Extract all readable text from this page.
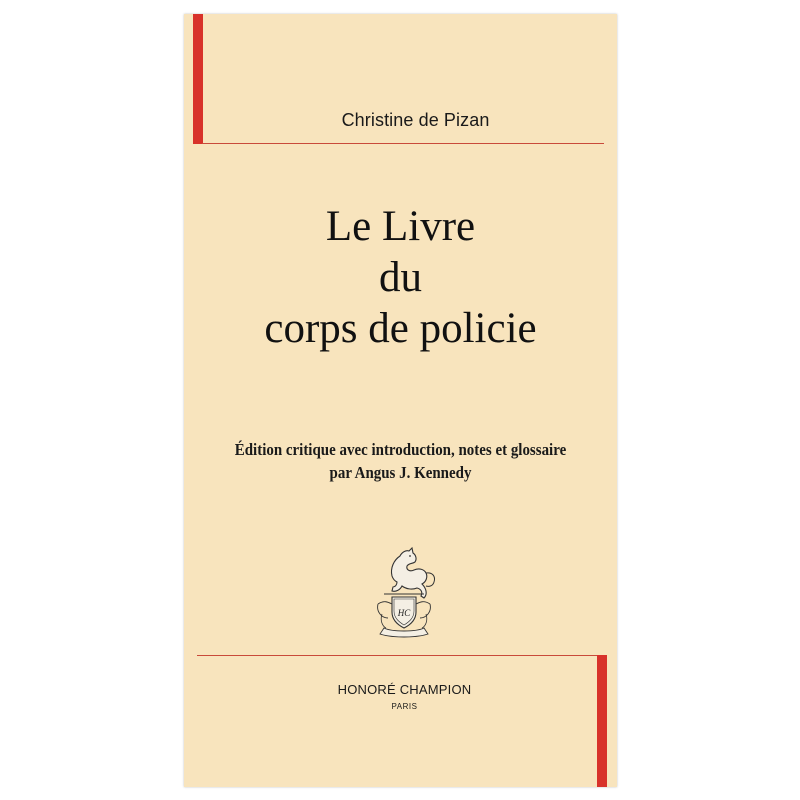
Christine de Pizan
Le Livre
du
corps de policie
Édition critique avec introduction, notes et glossaire
par Angus J. Kennedy
HC
HONORÉ CHAMPION
PARIS
